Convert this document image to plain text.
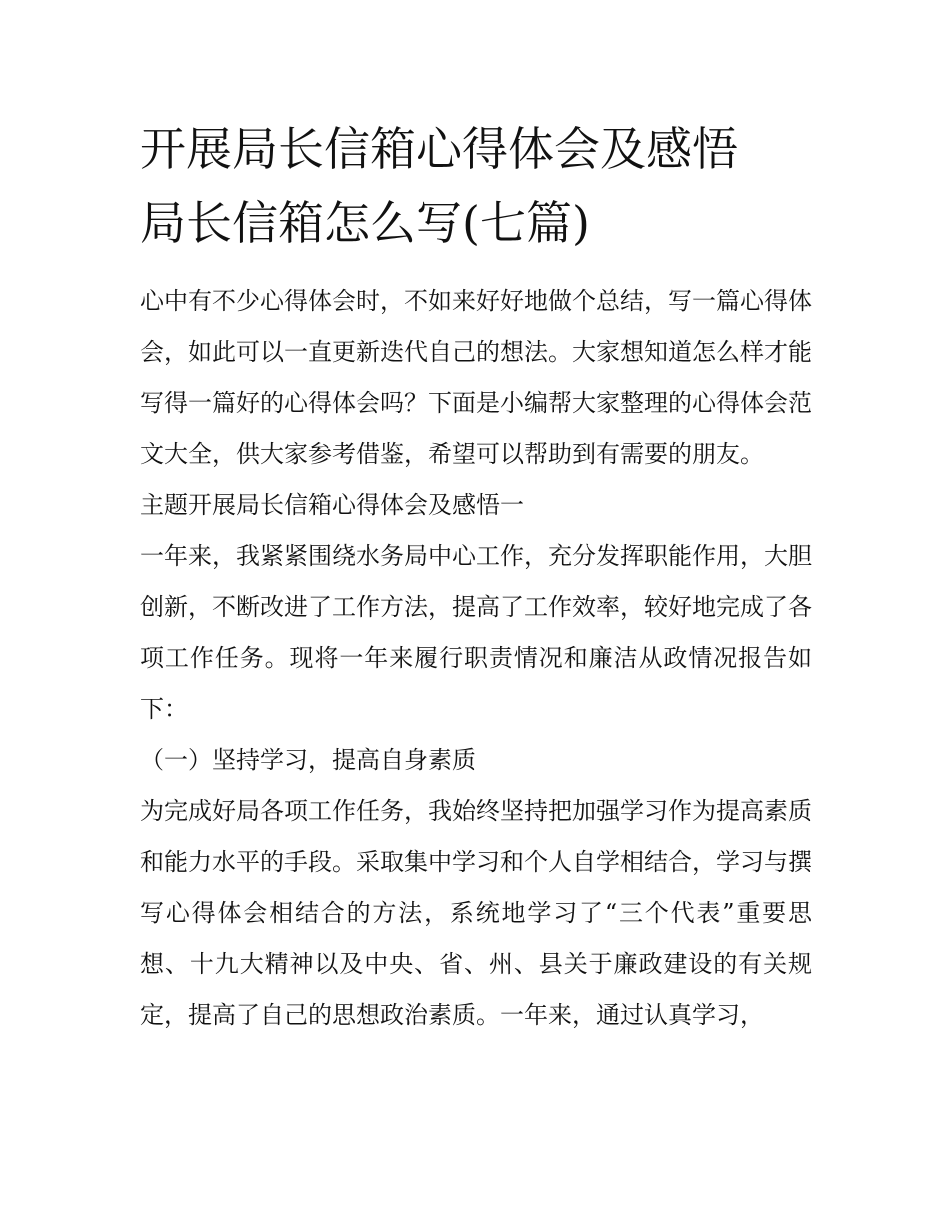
开展局长信箱心得体会及感悟
局长信箱怎么写(七篇)

心中有不少心得体会时，不如来好好地做个总结，写一篇心得体会，如此可以一直更新迭代自己的想法。大家想知道怎么样才能写得一篇好的心得体会吗？下面是小编帮大家整理的心得体会范文大全，供大家参考借鉴，希望可以帮助到有需要的朋友。

主题开展局长信箱心得体会及感悟一

一年来，我紧紧围绕水务局中心工作，充分发挥职能作用，大胆创新，不断改进了工作方法，提高了工作效率，较好地完成了各项工作任务。现将一年来履行职责情况和廉洁从政情况报告如下：

（一）坚持学习，提高自身素质

为完成好局各项工作任务，我始终坚持把加强学习作为提高素质和能力水平的手段。采取集中学习和个人自学相结合，学习与撰写心得体会相结合的方法，系统地学习了“三个代表”重要思想、十九大精神以及中央、省、州、县关于廉政建设的有关规定，提高了自己的思想政治素质。一年来，通过认真学习，
